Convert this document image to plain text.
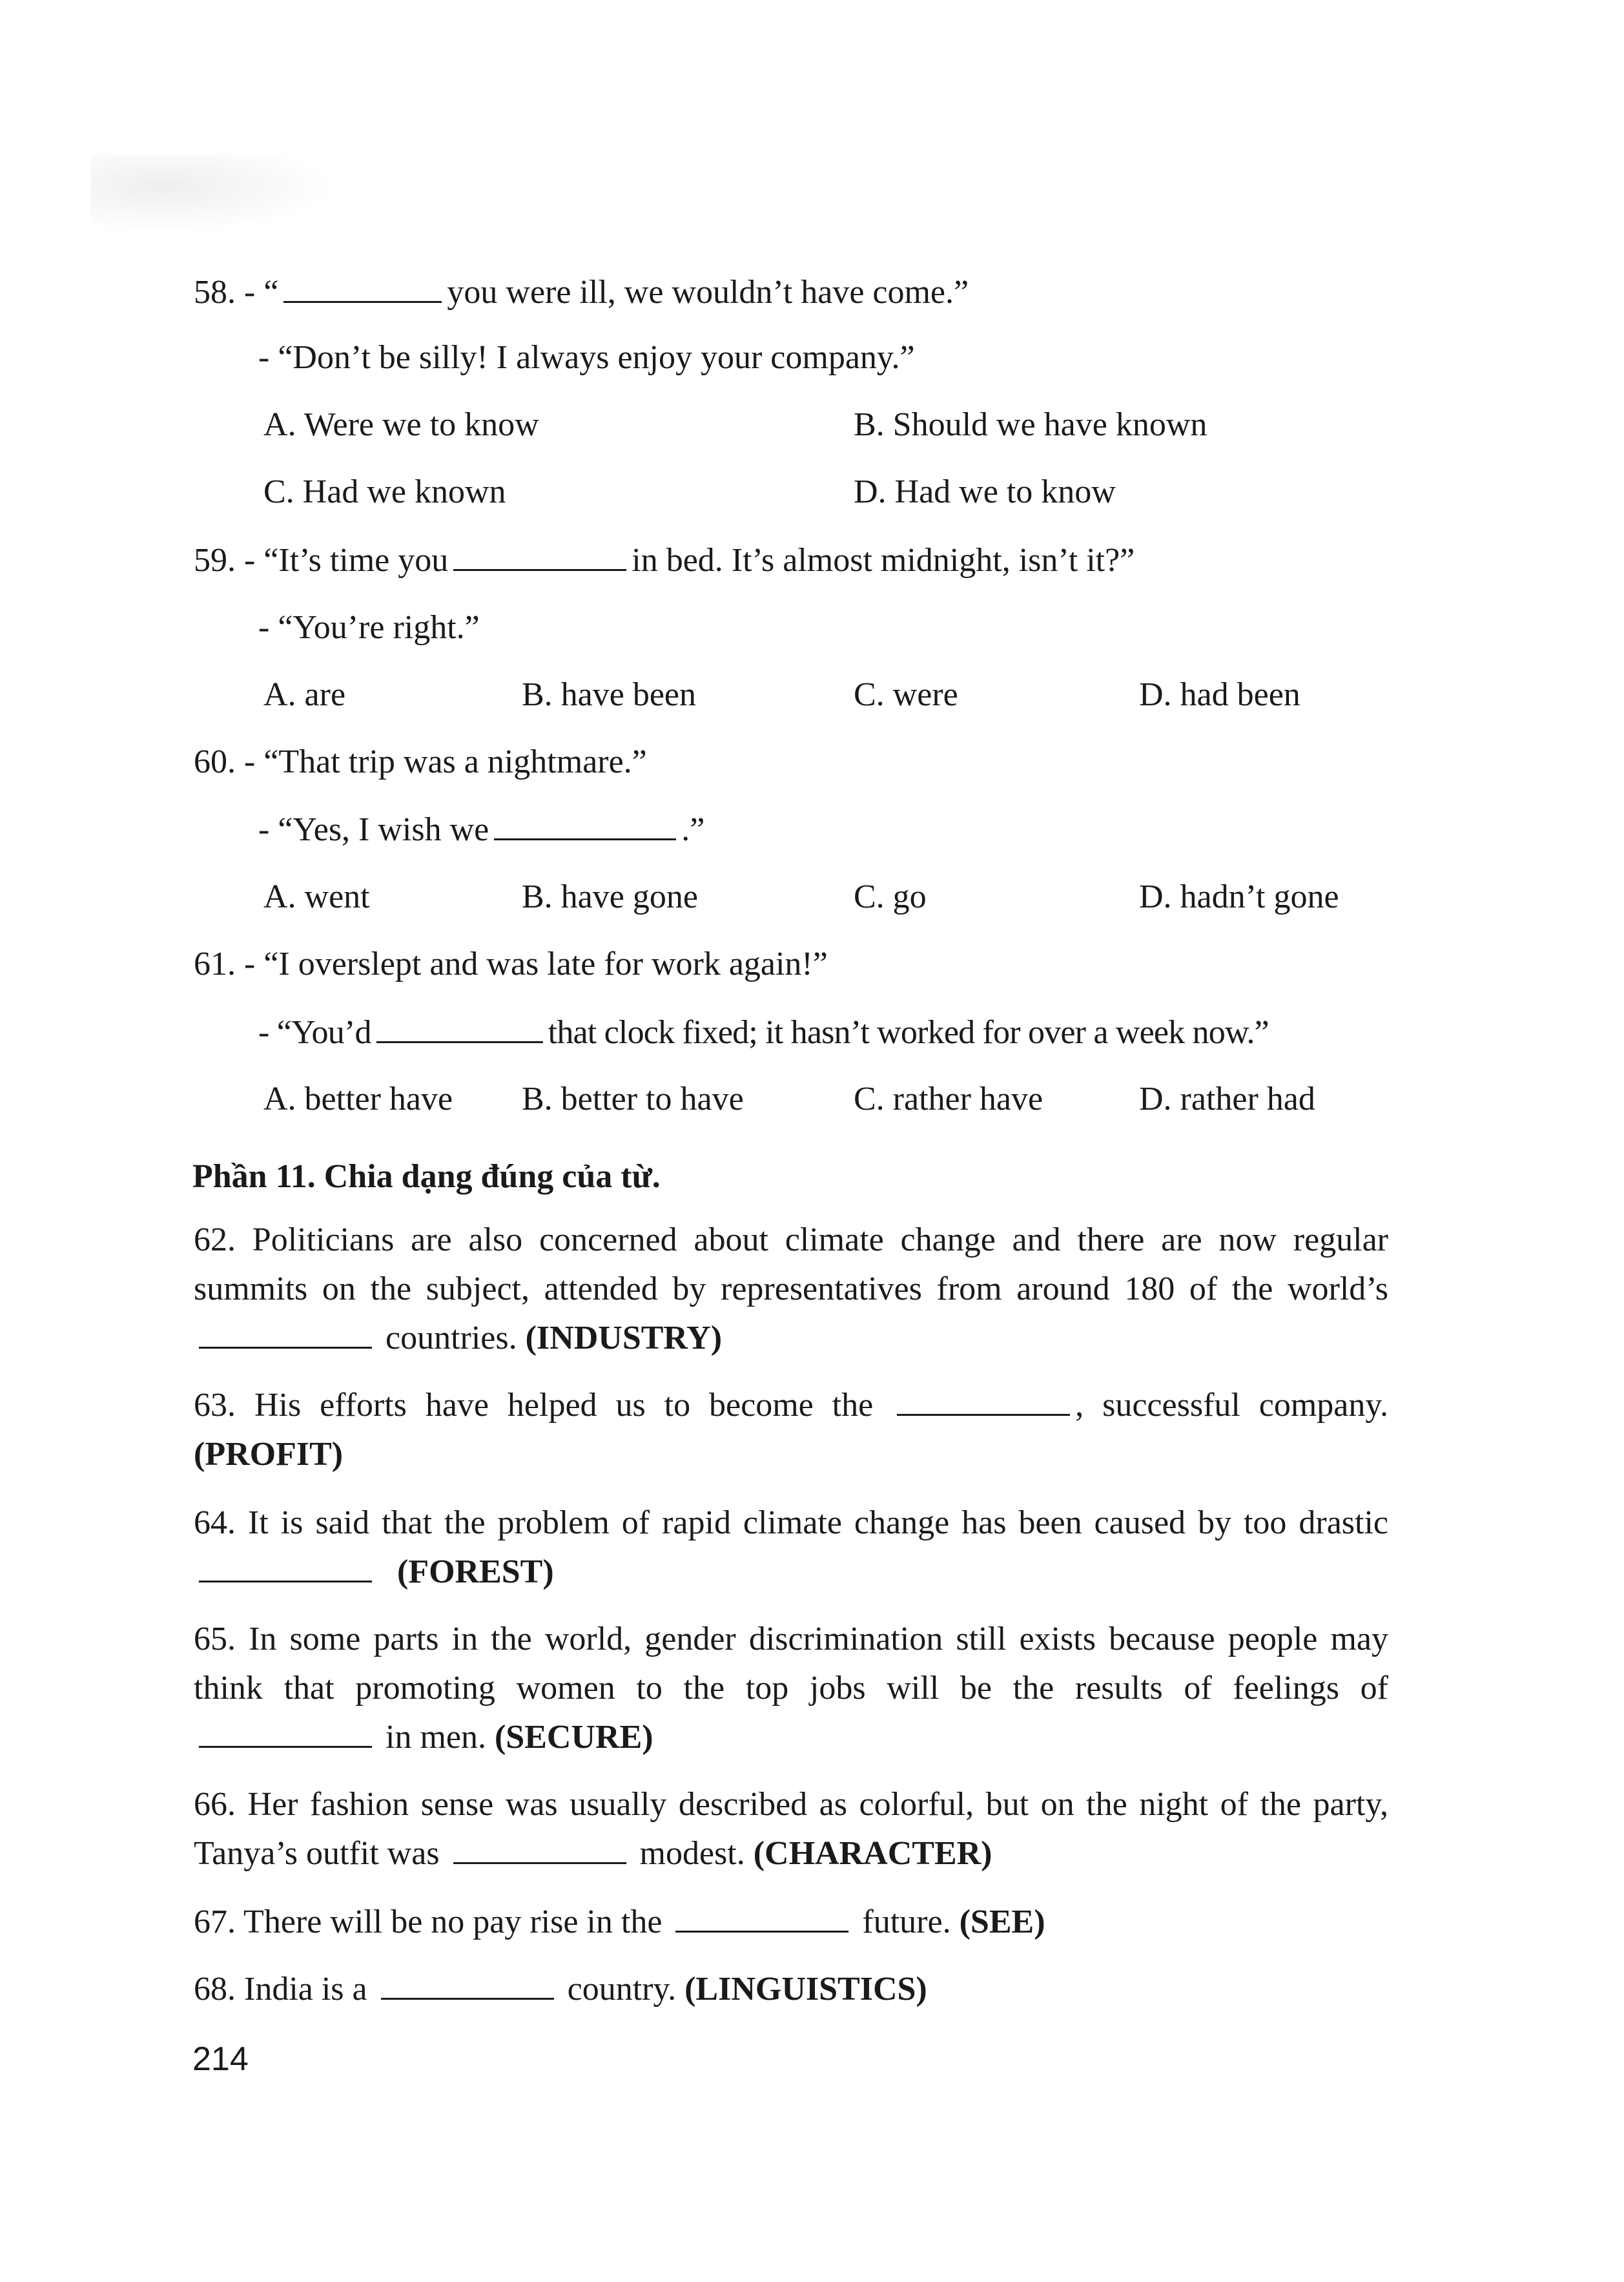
58. - “	you were ill, we wouldn’t have come.”
- “Don’t be silly! I always enjoy your company.”
A. Were we to know	B. Should we have known
C. Had we known	D. Had we to know
59. - “It’s time you	in bed. It’s almost midnight, isn’t it?”
- “You’re right.”
A. are	B. have been	C. were	D. had been
60. - “That trip was a nightmare.”
- “Yes, I wish we	.”
A. went	B. have gone	C. go	D. hadn’t gone
61. - “I overslept and was late for work again!”
- “You’d	that clock fixed; it hasn’t worked for over a week now.”
A. better have B. better to have	C. rather have	D. rather had
Phần 11. Chia dạng đúng của từ.
62. Politicians are also concerned about climate change and there are now regular summits on the subject, attended by representatives from around 180 of the world’s  countries. (INDUSTRY)
63. His efforts have helped us to become the	, successful company. (PROFIT)
64. It is said that the problem of rapid climate change has been caused by too drastic  (FOREST)
65. In some parts in the world, gender discrimination still exists because people may think that promoting women to the top jobs will be the results of feelings of  in men. (SECURE)
66. Her fashion sense was usually described as colorful, but on the night of the party, Tanya’s outfit was	modest. (CHARACTER)
67. There will be no pay rise in the	future. (SEE)
68. India is a	country. (LINGUISTICS)
214
